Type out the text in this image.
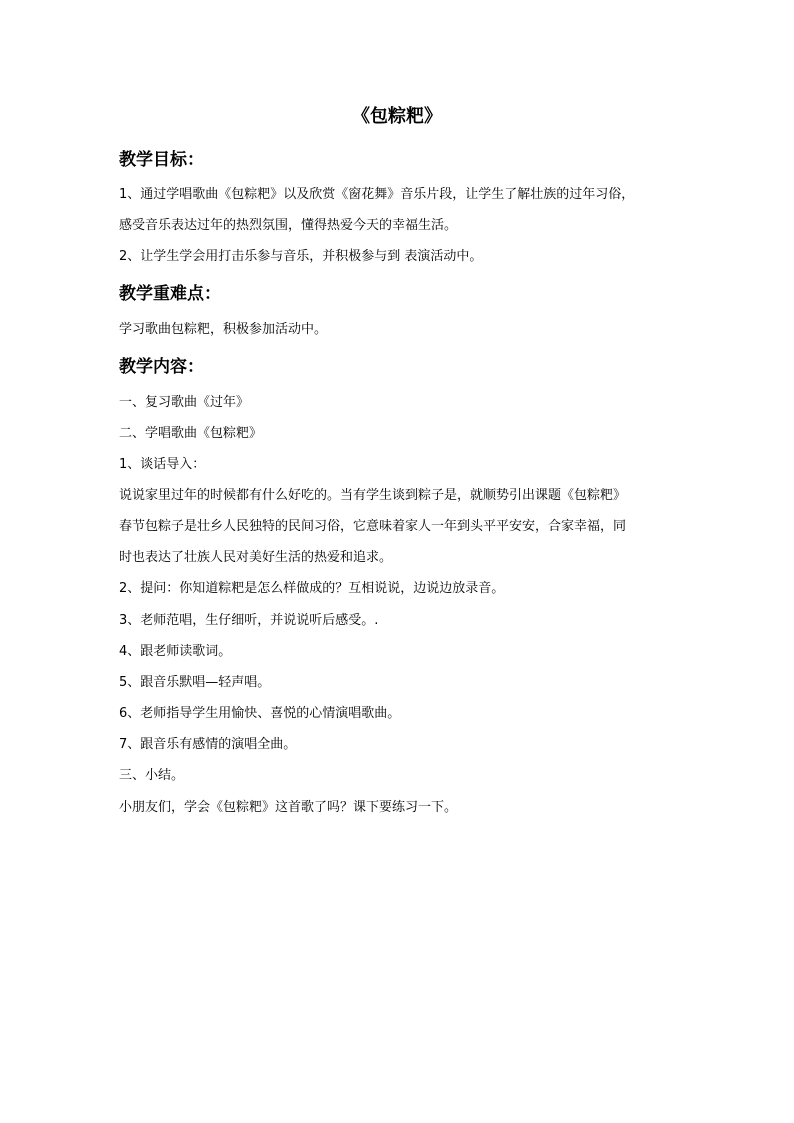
《包粽粑》
教学目标：
1、通过学唱歌曲《包粽粑》以及欣赏《窗花舞》音乐片段，让学生了解壮族的过年习俗，
感受音乐表达过年的热烈氛围，懂得热爱今天的幸福生活。
2、让学生学会用打击乐参与音乐，并积极参与到 表演活动中。
教学重难点：
学习歌曲包粽粑，积极参加活动中。
教学内容：
一、复习歌曲《过年》
二、学唱歌曲《包粽粑》
1、谈话导入：
说说家里过年的时候都有什么好吃的。当有学生谈到粽子是，就顺势引出课题《包粽粑》
春节包粽子是壮乡人民独特的民间习俗，它意味着家人一年到头平平安安，合家幸福，同
时也表达了壮族人民对美好生活的热爱和追求。
2、提问：你知道粽粑是怎么样做成的？互相说说，边说边放录音。
3、老师范唱，生仔细听，并说说听后感受。.
4、跟老师读歌词。
5、跟音乐默唱—轻声唱。
6、老师指导学生用愉快、喜悦的心情演唱歌曲。
7、跟音乐有感情的演唱全曲。
三、小结。
小朋友们，学会《包粽粑》这首歌了吗？课下要练习一下。
